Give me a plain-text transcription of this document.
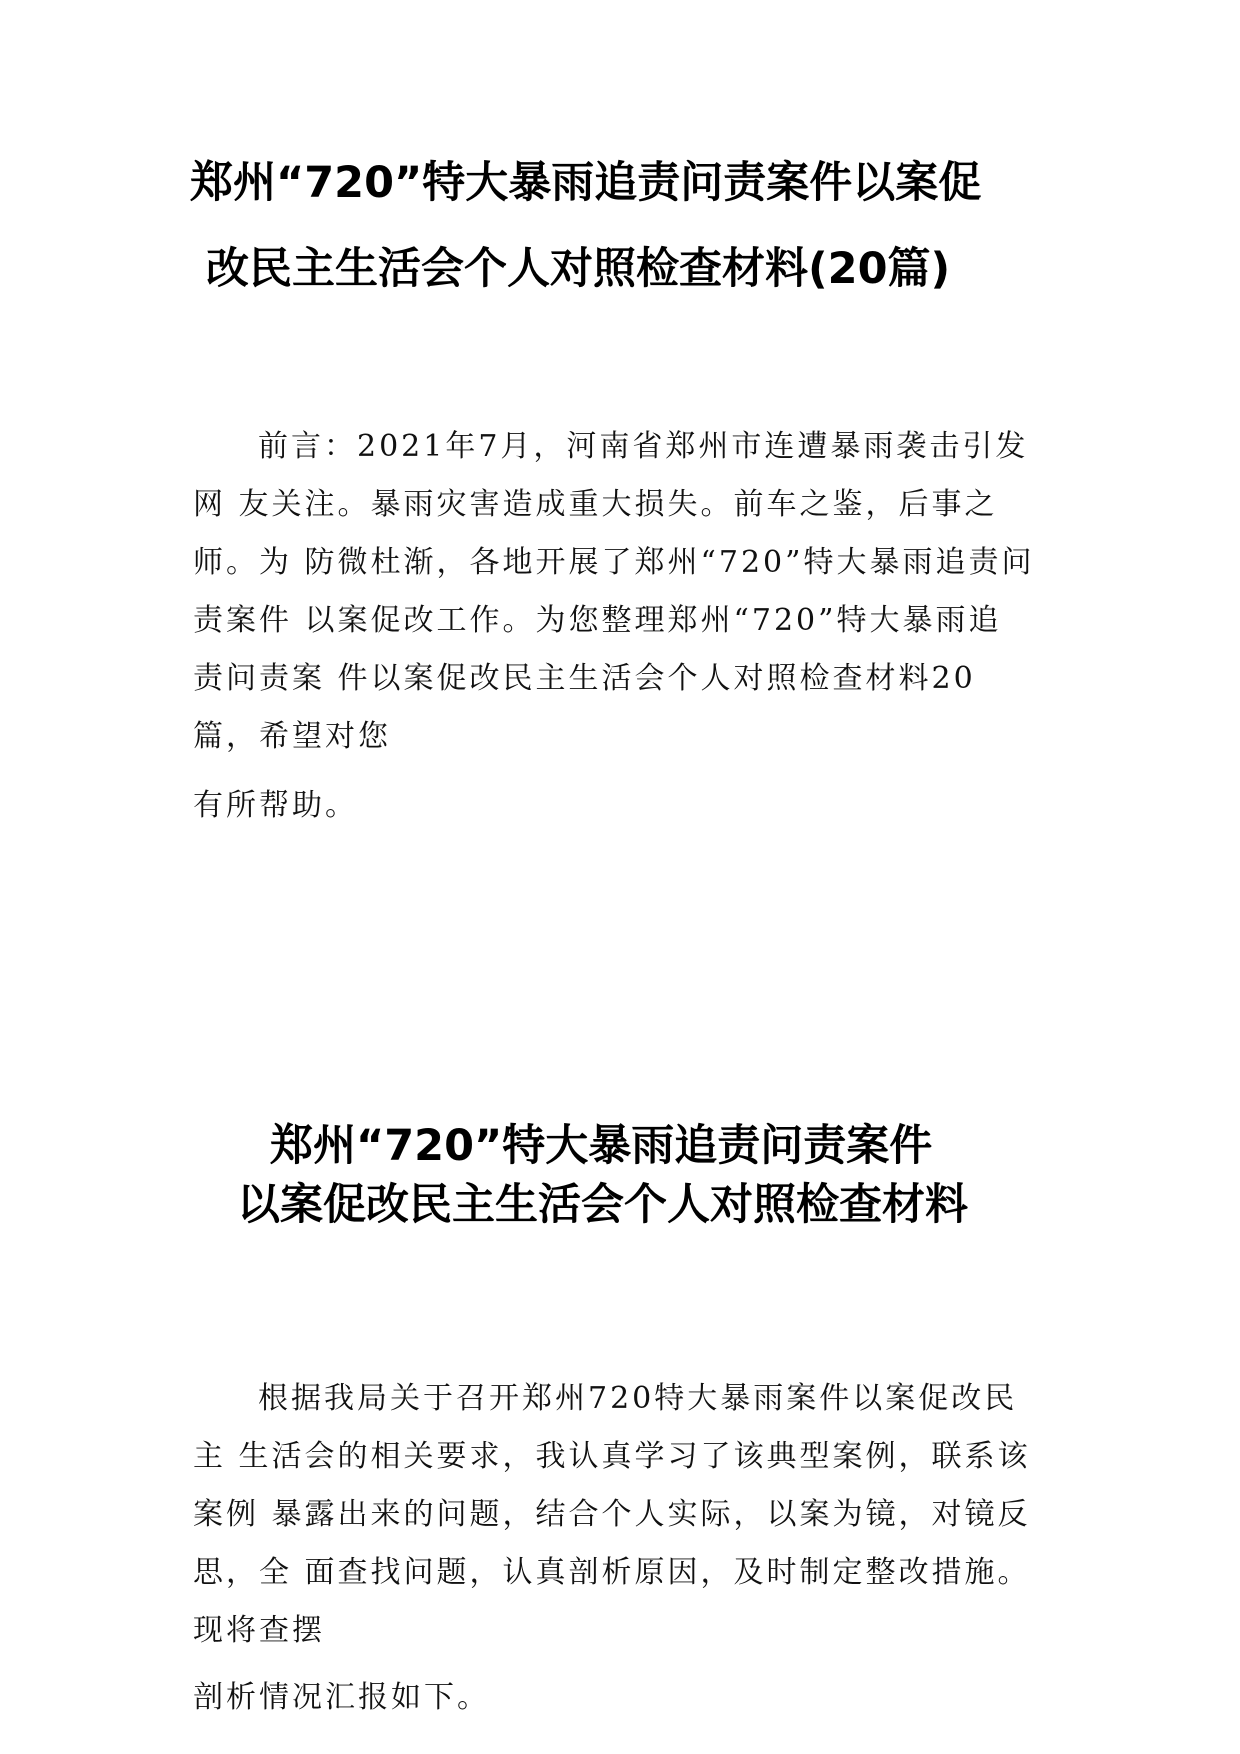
郑州“720”特大暴雨追责问责案件以案促
改民主生活会个人对照检查材料(20篇)

前言：2021年7月，河南省郑州市连遭暴雨袭击引发

网 友关注。暴雨灾害造成重大损失。前车之鉴，后事之

师。为 防微杜渐，各地开展了郑州“720”特大暴雨追责问

责案件 以案促改工作。为您整理郑州“720”特大暴雨追

责问责案 件以案促改民主生活会个人对照检查材料20

篇，希望对您

有所帮助。

郑州“720”特大暴雨追责问责案件
以案促改民主生活会个人对照检查材料

根据我局关于召开郑州720特大暴雨案件以案促改民

主 生活会的相关要求，我认真学习了该典型案例，联系该

案例 暴露出来的问题，结合个人实际，以案为镜，对镜反

思，全 面查找问题，认真剖析原因，及时制定整改措施。

现将查摆

剖析情况汇报如下。
